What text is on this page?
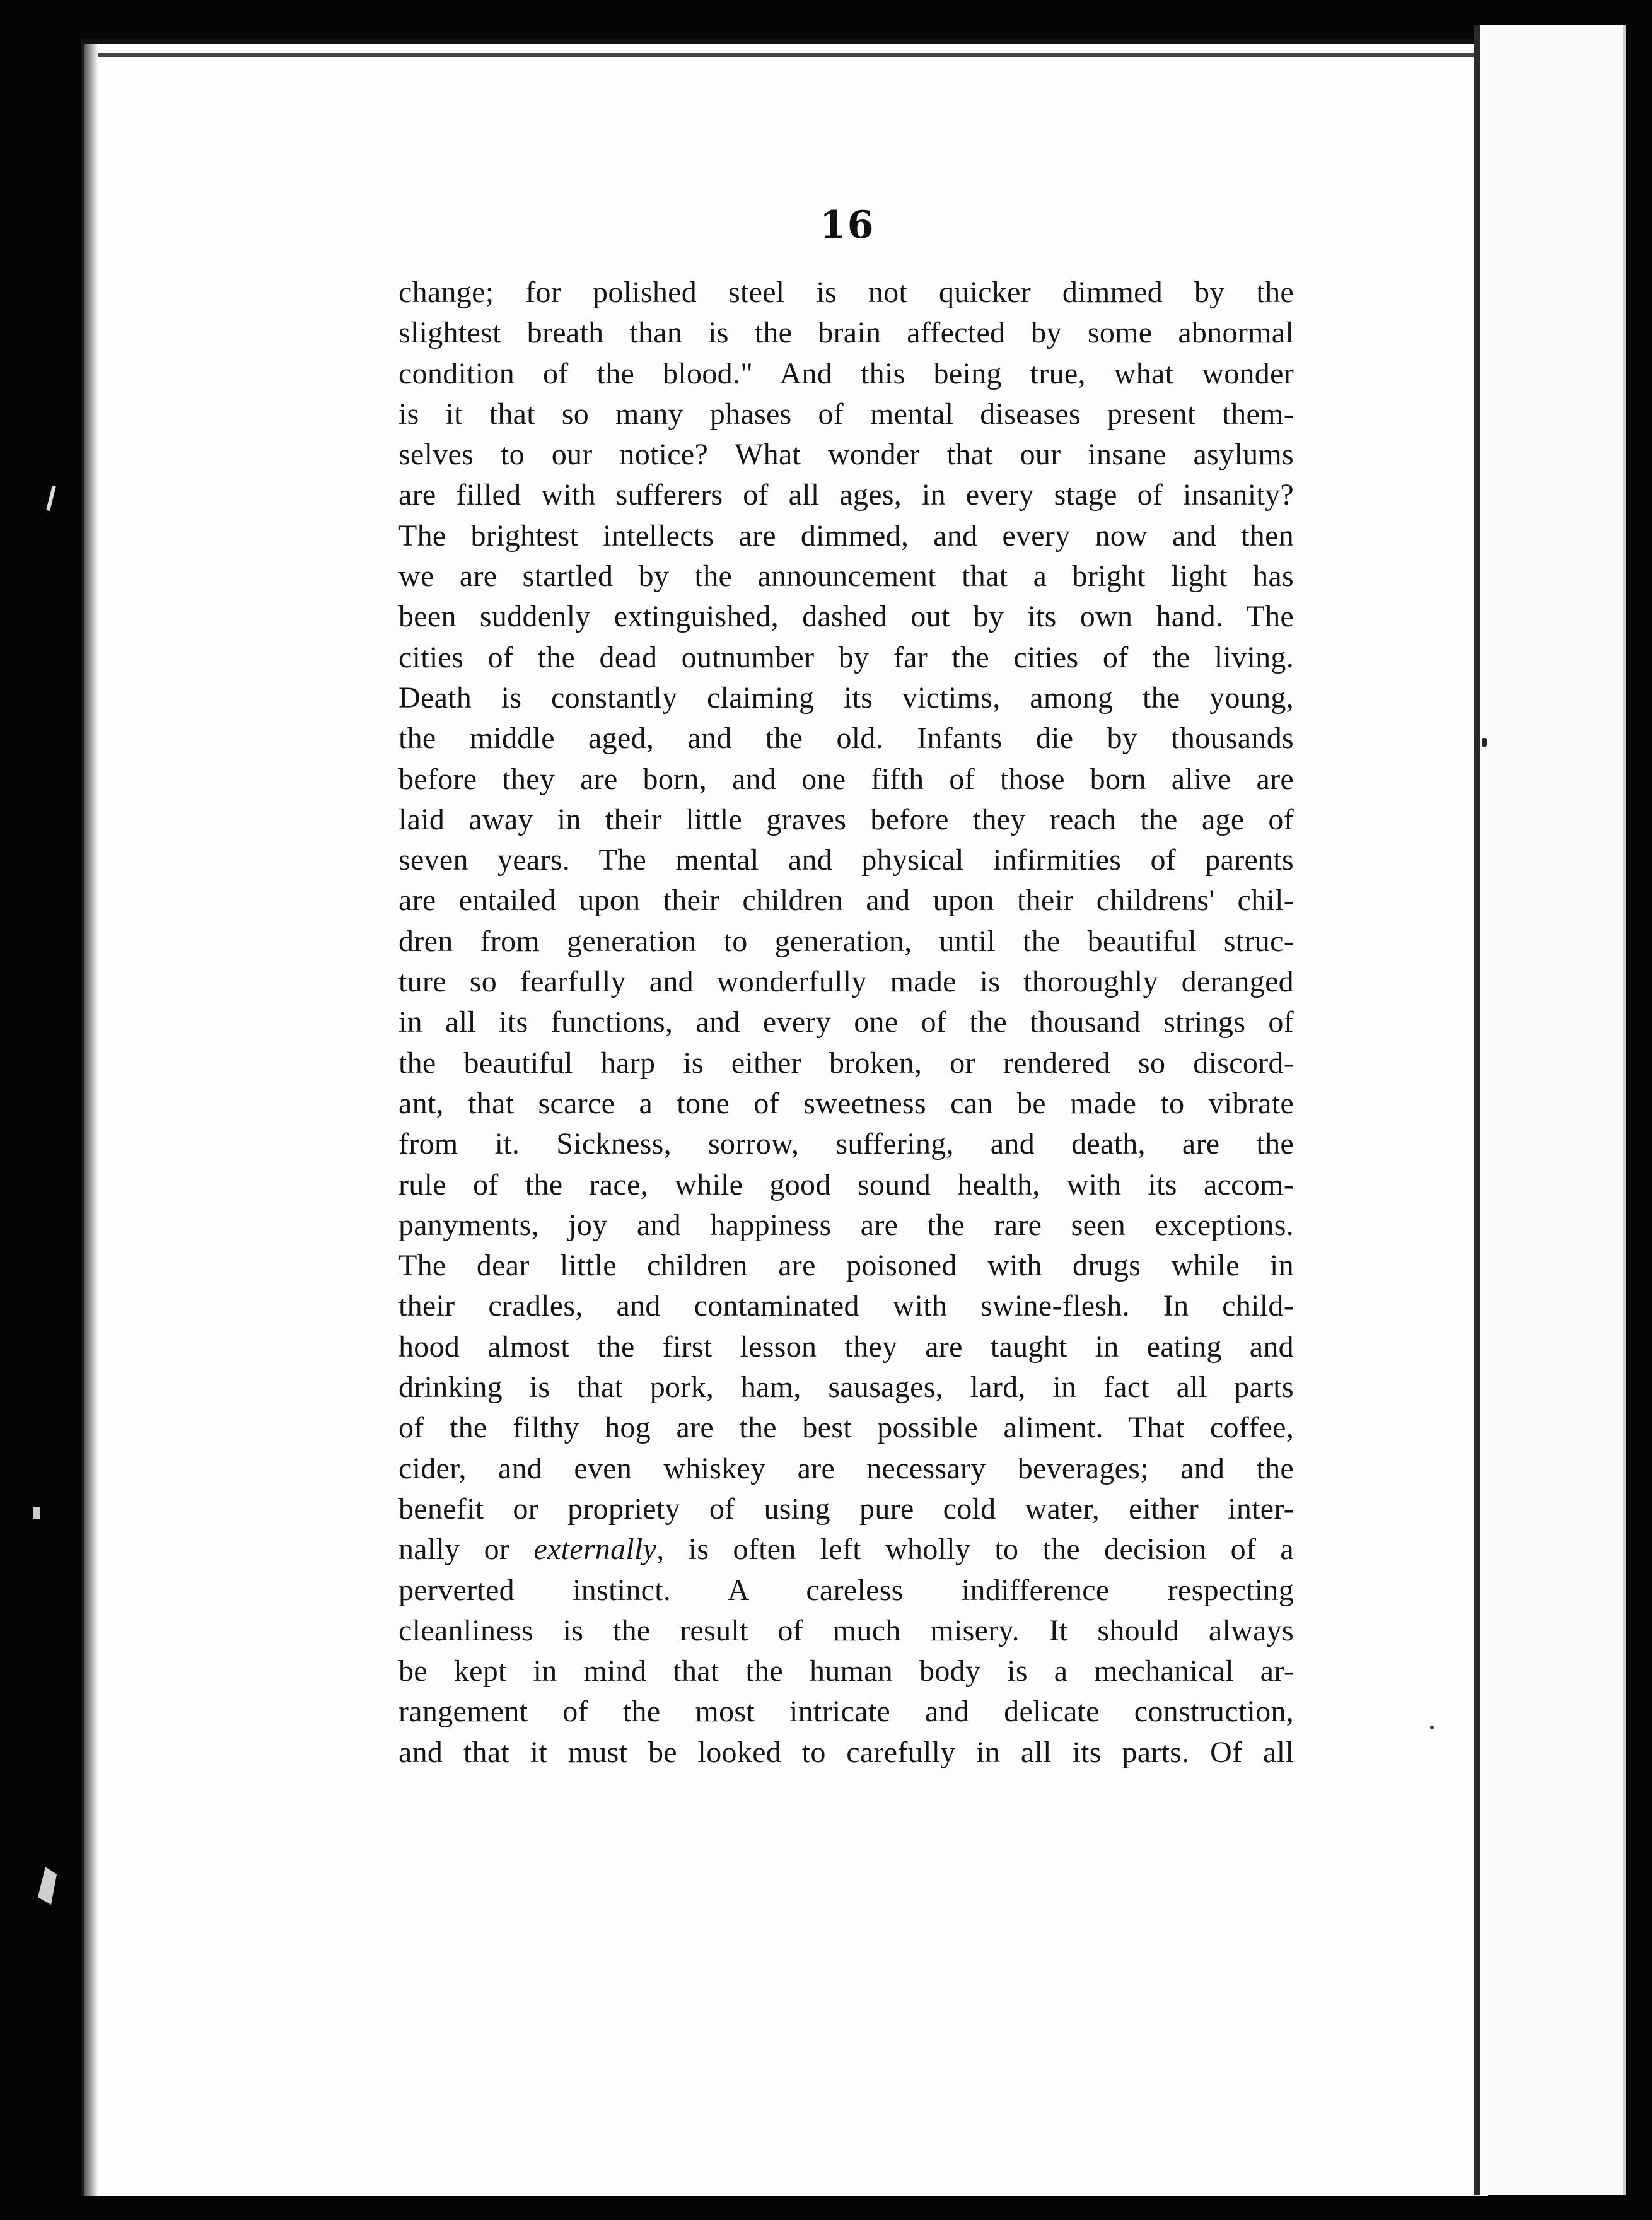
16
change; for polished steel is not quicker dimmed by the
slightest breath than is the brain affected by some abnormal
condition of the blood." And this being true, what wonder
is it that so many phases of mental diseases present them-
selves to our notice? What wonder that our insane asylums
are filled with sufferers of all ages, in every stage of insanity?
The brightest intellects are dimmed, and every now and then
we are startled by the announcement that a bright light has
been suddenly extinguished, dashed out by its own hand. The
cities of the dead outnumber by far the cities of the living.
Death is constantly claiming its victims, among the young,
the middle aged, and the old. Infants die by thousands
before they are born, and one fifth of those born alive are
laid away in their little graves before they reach the age of
seven years. The mental and physical infirmities of parents
are entailed upon their children and upon their childrens' chil-
dren from generation to generation, until the beautiful struc-
ture so fearfully and wonderfully made is thoroughly deranged
in all its functions, and every one of the thousand strings of
the beautiful harp is either broken, or rendered so discord-
ant, that scarce a tone of sweetness can be made to vibrate
from it. Sickness, sorrow, suffering, and death, are the
rule of the race, while good sound health, with its accom-
panyments, joy and happiness are the rare seen exceptions.
The dear little children are poisoned with drugs while in
their cradles, and contaminated with swine-flesh. In child-
hood almost the first lesson they are taught in eating and
drinking is that pork, ham, sausages, lard, in fact all parts
of the filthy hog are the best possible aliment. That coffee,
cider, and even whiskey are necessary beverages; and the
benefit or propriety of using pure cold water, either inter-
nally or externally, is often left wholly to the decision of a
perverted instinct. A careless indifference respecting
cleanliness is the result of much misery. It should always
be kept in mind that the human body is a mechanical ar-
rangement of the most intricate and delicate construction,
and that it must be looked to carefully in all its parts. Of all
